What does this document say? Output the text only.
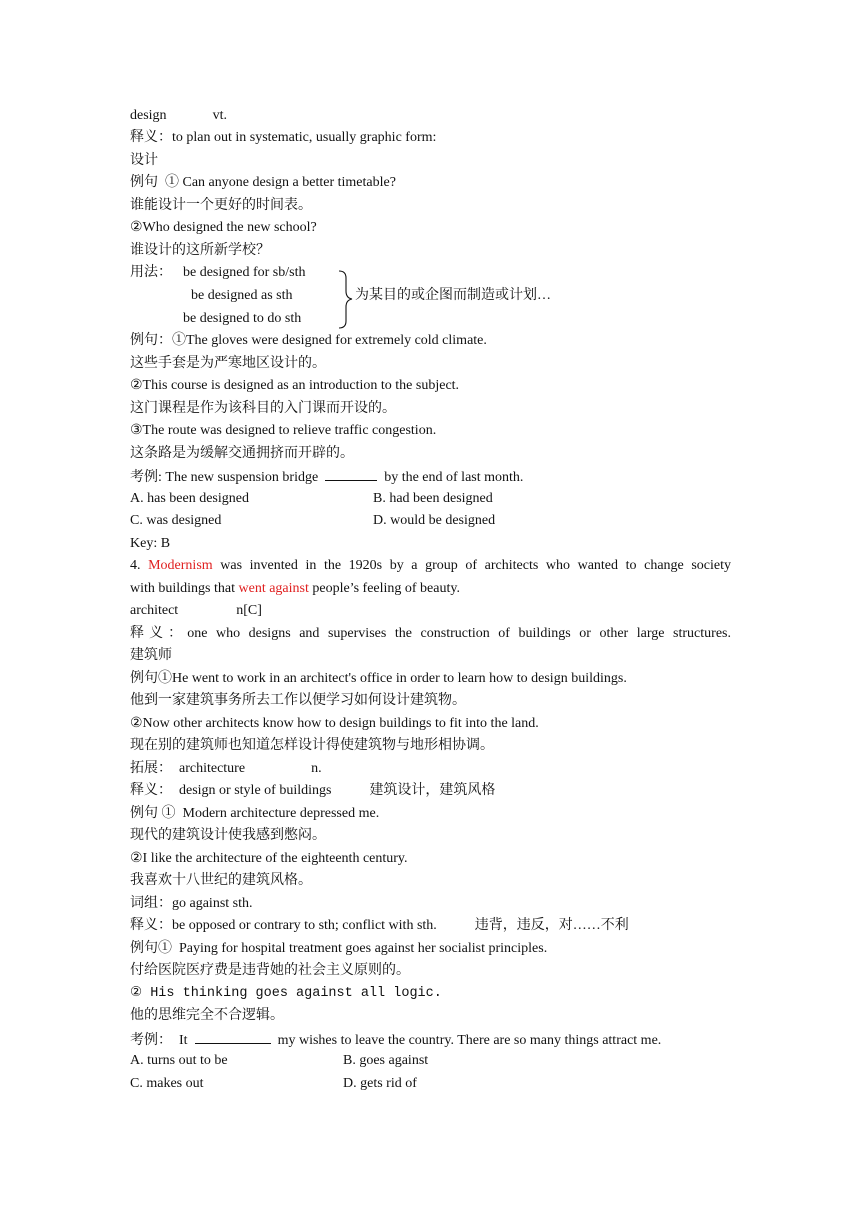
design	vt.
释义：to plan out in systematic, usually graphic form:
设计
例句 ① Can anyone design a better timetable?
谁能设计一个更好的时间表。
②Who designed the new school?
谁设计的这所新学校？
用法： be designed for sb/sth
be designed as sth
be designed to do sth
为某目的或企图而制造或计划…
例句：①The gloves were designed for extremely cold climate.
这些手套是为严寒地区设计的。
②This course is designed as an introduction to the subject.
这门课程是作为该科目的入门课而开设的。
③The route was designed to relieve traffic congestion.
这条路是为缓解交通拥挤而开辟的。
考例: The new suspension bridge	by the end of last month.
A. has been designed	B. had been designed
C. was designed	D. would be designed
Key: B
4. Modernism was invented in the 1920s by a group of architects who wanted to change society
with buildings that went against people’s feeling of beauty.
architect	n[C]
释义：one who designs and supervises the construction of buildings or other large structures.
建筑师
例句①He went to work in an architect's office in order to learn how to design buildings.
他到一家建筑事务所去工作以便学习如何设计建筑物。
②Now other architects know how to design buildings to fit into the land.
现在别的建筑师也知道怎样设计得使建筑物与地形相协调。
拓展： architecture	n.
释义： design or style of buildings	建筑设计，建筑风格
例句 ①  Modern architecture depressed me.
现代的建筑设计使我感到憋闷。
②I like the architecture of the eighteenth century.
我喜欢十八世纪的建筑风格。
词组：go against sth.
释义：be opposed or contrary to sth; conflict with sth.	违背，违反，对……不利
例句①  Paying for hospital treatment goes against her socialist principles.
付给医院医疗费是违背她的社会主义原则的。
② His thinking goes against all logic.
他的思维完全不合逻辑。
考例： It	my wishes to leave the country. There are so many things attract me.
A. turns out to be	B. goes against
C. makes out	D. gets rid of
